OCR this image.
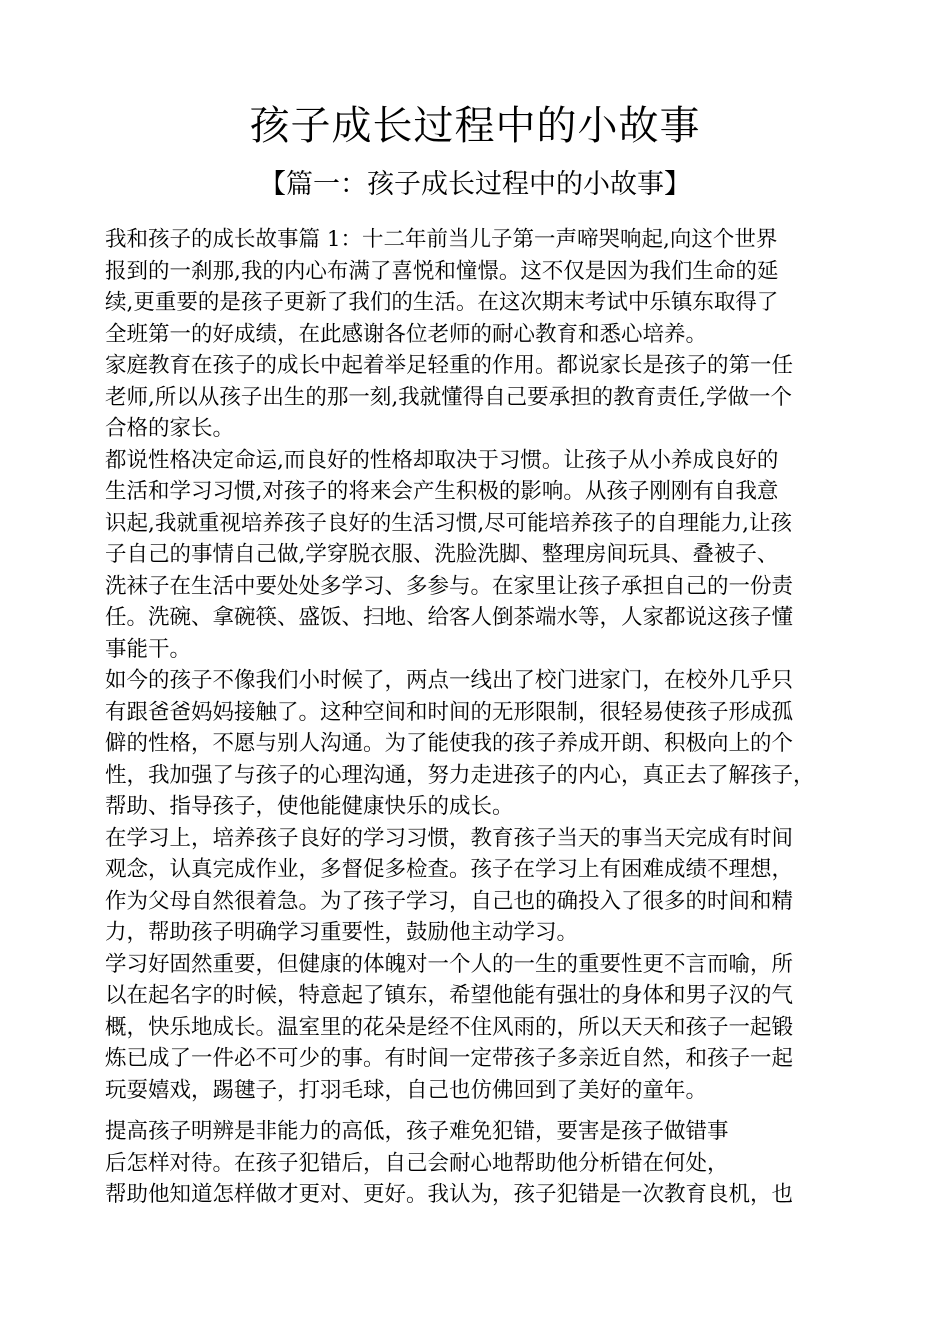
孩子成长过程中的小故事
【篇一：孩子成长过程中的小故事】
我和孩子的成长故事篇 1：十二年前当儿子第一声啼哭响起,向这个世界
报到的一刹那,我的内心布满了喜悦和憧憬。这不仅是因为我们生命的延
续,更重要的是孩子更新了我们的生活。在这次期末考试中乐镇东取得了
全班第一的好成绩，在此感谢各位老师的耐心教育和悉心培养。
家庭教育在孩子的成长中起着举足轻重的作用。都说家长是孩子的第一任
老师,所以从孩子出生的那一刻,我就懂得自己要承担的教育责任,学做一个
合格的家长。
都说性格决定命运,而良好的性格却取决于习惯。让孩子从小养成良好的
生活和学习习惯,对孩子的将来会产生积极的影响。从孩子刚刚有自我意
识起,我就重视培养孩子良好的生活习惯,尽可能培养孩子的自理能力,让孩
子自己的事情自己做,学穿脱衣服、洗脸洗脚、整理房间玩具、叠被子、
洗袜子在生活中要处处多学习、多参与。在家里让孩子承担自己的一份责
任。洗碗、拿碗筷、盛饭、扫地、给客人倒茶端水等，人家都说这孩子懂
事能干。
如今的孩子不像我们小时候了，两点一线出了校门进家门，在校外几乎只
有跟爸爸妈妈接触了。这种空间和时间的无形限制，很轻易使孩子形成孤
僻的性格，不愿与别人沟通。为了能使我的孩子养成开朗、积极向上的个
性，我加强了与孩子的心理沟通，努力走进孩子的内心，真正去了解孩子，
帮助、指导孩子，使他能健康快乐的成长。
在学习上，培养孩子良好的学习习惯，教育孩子当天的事当天完成有时间
观念，认真完成作业，多督促多检查。孩子在学习上有困难成绩不理想，
作为父母自然很着急。为了孩子学习，自己也的确投入了很多的时间和精
力，帮助孩子明确学习重要性，鼓励他主动学习。
学习好固然重要，但健康的体魄对一个人的一生的重要性更不言而喻，所
以在起名字的时候，特意起了镇东，希望他能有强壮的身体和男子汉的气
概，快乐地成长。温室里的花朵是经不住风雨的，所以天天和孩子一起锻
炼已成了一件必不可少的事。有时间一定带孩子多亲近自然，和孩子一起
玩耍嬉戏，踢毽子，打羽毛球，自己也仿佛回到了美好的童年。
提高孩子明辨是非能力的高低，孩子难免犯错，要害是孩子做错事
后怎样对待。在孩子犯错后，自己会耐心地帮助他分析错在何处，
帮助他知道怎样做才更对、更好。我认为，孩子犯错是一次教育良机，也
